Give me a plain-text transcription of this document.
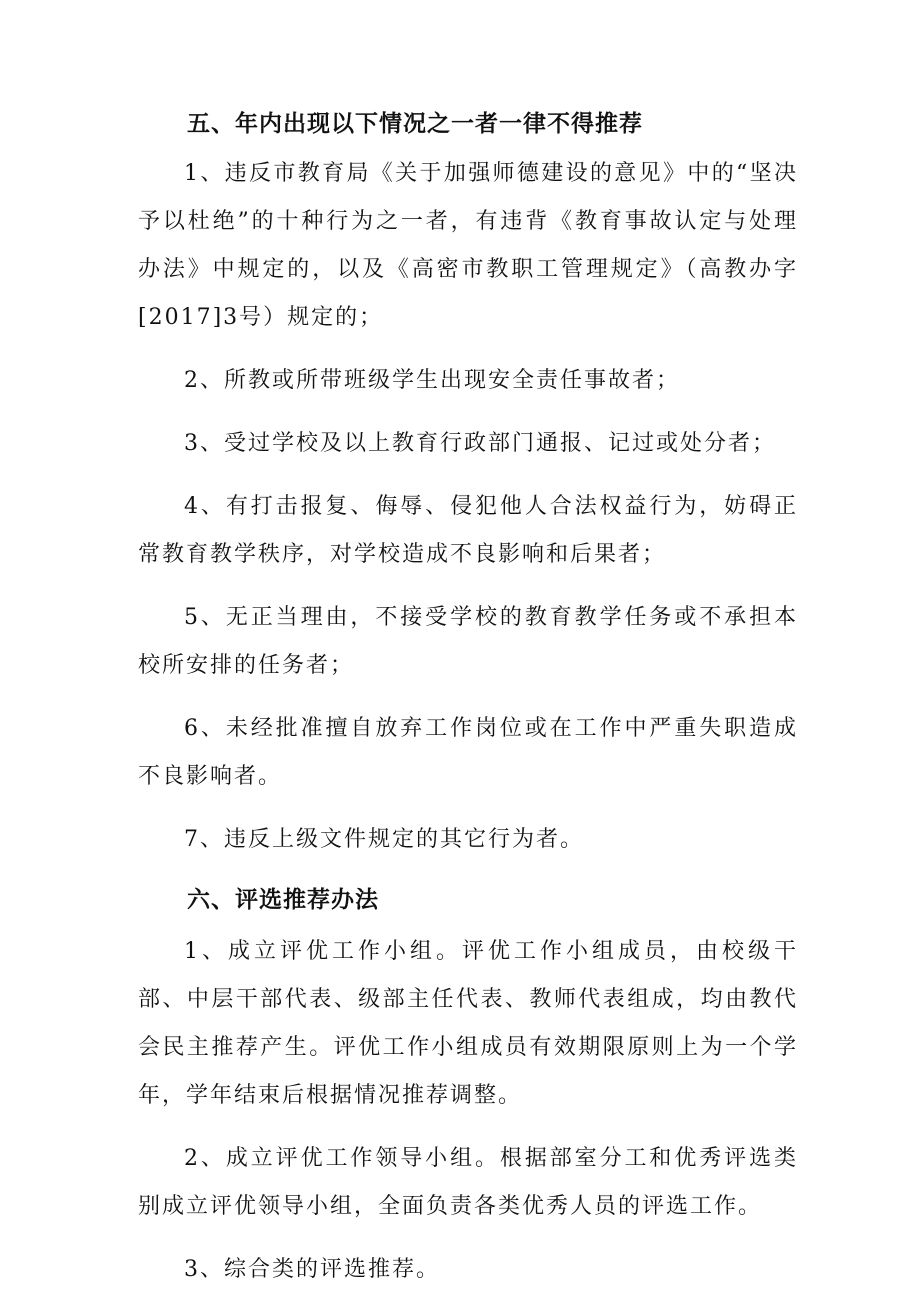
五、年内出现以下情况之一者一律不得推荐

1、违反市教育局《关于加强师德建设的意见》中的“坚决予以杜绝”的十种行为之一者，有违背《教育事故认定与处理办法》中规定的，以及《高密市教职工管理规定》（高教办字[2017]3号）规定的；

2、所教或所带班级学生出现安全责任事故者；

3、受过学校及以上教育行政部门通报、记过或处分者；

4、有打击报复、侮辱、侵犯他人合法权益行为，妨碍正常教育教学秩序，对学校造成不良影响和后果者；

5、无正当理由，不接受学校的教育教学任务或不承担本校所安排的任务者；

6、未经批准擅自放弃工作岗位或在工作中严重失职造成不良影响者。

7、违反上级文件规定的其它行为者。

六、评选推荐办法

1、成立评优工作小组。评优工作小组成员，由校级干部、中层干部代表、级部主任代表、教师代表组成，均由教代会民主推荐产生。评优工作小组成员有效期限原则上为一个学年，学年结束后根据情况推荐调整。

2、成立评优工作领导小组。根据部室分工和优秀评选类别成立评优领导小组，全面负责各类优秀人员的评选工作。

3、综合类的评选推荐。
